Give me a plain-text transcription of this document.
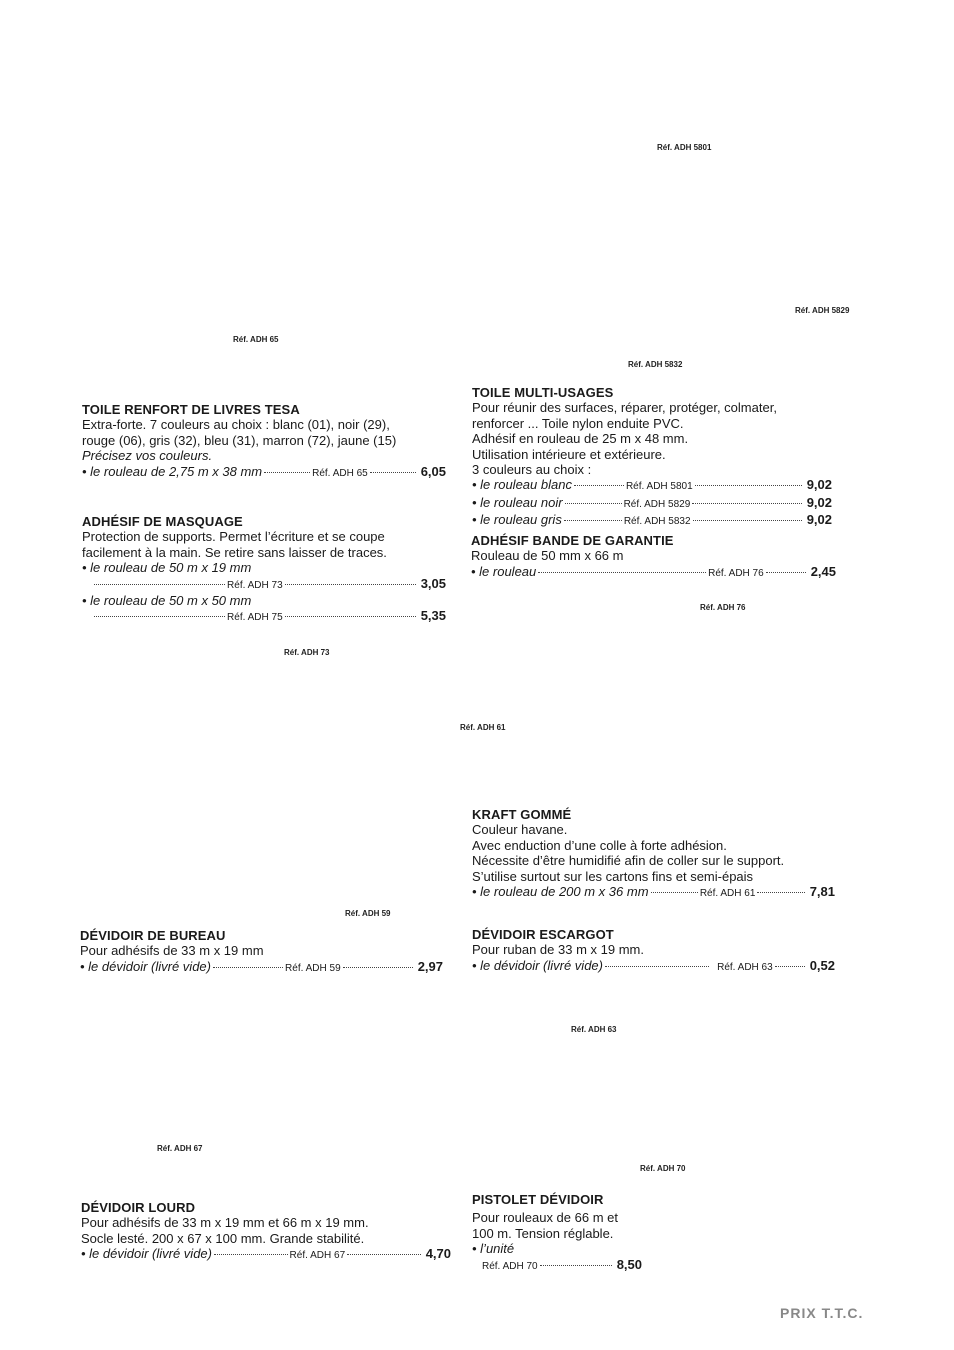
Réf. ADH 5801
Réf. ADH 5829
Réf. ADH 65
Réf. ADH 5832
Réf. ADH 76
Réf. ADH 73
Réf. ADH 61
Réf. ADH 59
Réf. ADH 63
Réf. ADH 67
Réf. ADH 70
TOILE RENFORT DE LIVRES TESA
Extra-forte. 7 couleurs au choix : blanc (01), noir (29),
rouge (06), gris (32), bleu (31), marron (72), jaune (15)
Précisez vos couleurs.
• le rouleau de 2,75 m x 38 mm	Réf. ADH 65	6,05
ADHÉSIF DE MASQUAGE
Protection de supports. Permet l’écriture et se coupe
facilement à la main. Se retire sans laisser de traces.
• le rouleau de 50 m x 19 mm
Réf. ADH 73	3,05
• le rouleau de 50 m x 50 mm
Réf. ADH 75	5,35
TOILE MULTI-USAGES
Pour réunir des surfaces, réparer, protéger, colmater,
renforcer ... Toile nylon enduite PVC.
Adhésif en rouleau de 25 m x 48 mm.
Utilisation intérieure et extérieure.
3 couleurs au choix :
• le rouleau blanc	Réf. ADH 5801	9,02
• le rouleau noir	Réf. ADH 5829	9,02
• le rouleau gris	Réf. ADH 5832	9,02
ADHÉSIF BANDE DE GARANTIE
Rouleau de 50 mm x 66 m
• le rouleau	Réf. ADH 76	2,45
KRAFT GOMMÉ
Couleur havane.
Avec enduction d’une colle à forte adhésion.
Nécessite d’être humidifié afin de coller sur le support.
S’utilise surtout sur les cartons fins et semi-épais
• le rouleau de 200 m x 36 mm	Réf. ADH 61	7,81
DÉVIDOIR DE BUREAU
Pour adhésifs de 33 m x 19 mm
• le dévidoir (livré vide)	Réf. ADH 59	2,97
DÉVIDOIR ESCARGOT
Pour ruban de 33 m x 19 mm.
• le dévidoir (livré vide)	Réf. ADH 63	0,52
DÉVIDOIR LOURD
Pour adhésifs de 33 m x 19 mm et 66 m x 19 mm.
Socle lesté. 200 x 67 x 100 mm. Grande stabilité.
• le dévidoir (livré vide)	Réf. ADH 67	4,70
PISTOLET DÉVIDOIR
Pour rouleaux de 66 m et
100 m. Tension réglable.
• l’unité
Réf. ADH 70	8,50
PRIX T.T.C.
